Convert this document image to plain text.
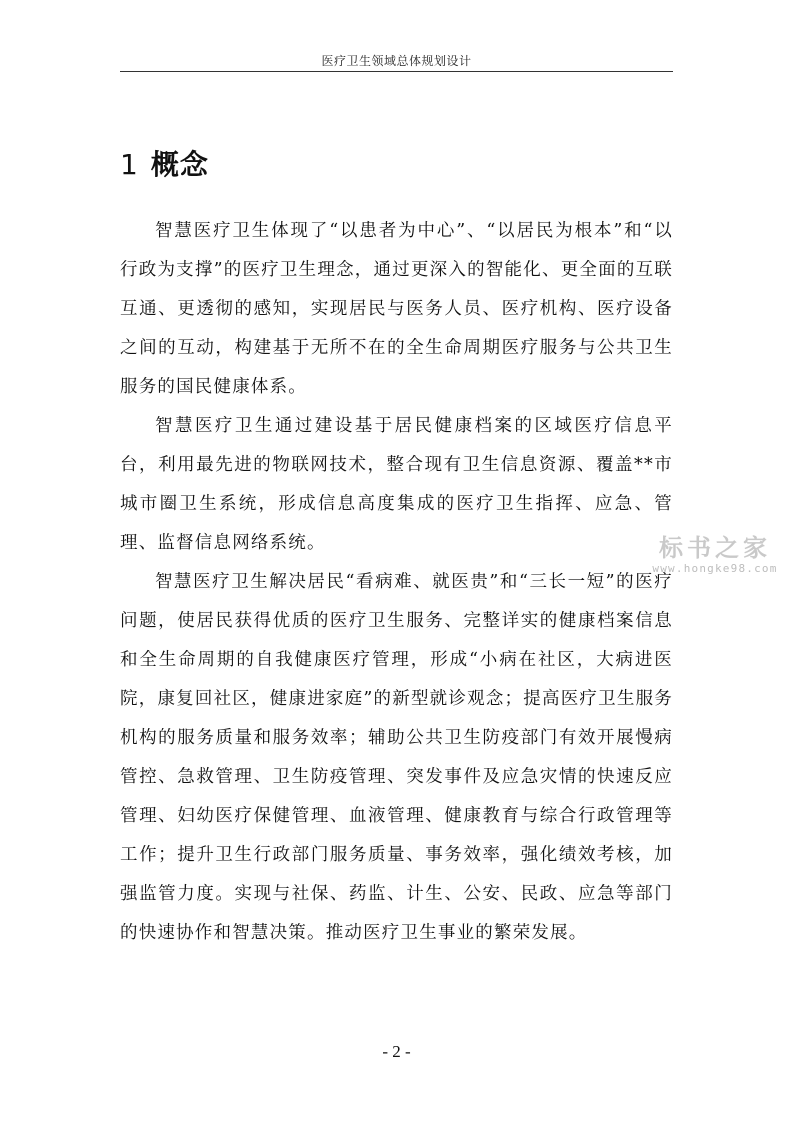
医疗卫生领域总体规划设计
1 概念

智慧医疗卫生体现了“以患者为中心”、“以居民为根本”和“以行政为支撑”的医疗卫生理念，通过更深入的智能化、更全面的互联互通、更透彻的感知，实现居民与医务人员、医疗机构、医疗设备之间的互动，构建基于无所不在的全生命周期医疗服务与公共卫生服务的国民健康体系。

智慧医疗卫生通过建设基于居民健康档案的区域医疗信息平台，利用最先进的物联网技术，整合现有卫生信息资源、覆盖**市城市圈卫生系统，形成信息高度集成的医疗卫生指挥、应急、管理、监督信息网络系统。

智慧医疗卫生解决居民“看病难、就医贵”和“三长一短”的医疗问题，使居民获得优质的医疗卫生服务、完整详实的健康档案信息和全生命周期的自我健康医疗管理，形成“小病在社区，大病进医院，康复回社区，健康进家庭”的新型就诊观念；提高医疗卫生服务机构的服务质量和服务效率；辅助公共卫生防疫部门有效开展慢病管控、急救管理、卫生防疫管理、突发事件及应急灾情的快速反应管理、妇幼医疗保健管理、血液管理、健康教育与综合行政管理等工作；提升卫生行政部门服务质量、事务效率，强化绩效考核，加强监管力度。实现与社保、药监、计生、公安、民政、应急等部门的快速协作和智慧决策。推动医疗卫生事业的繁荣发展。

标书之家
www.hongke98.com
- 2 -
